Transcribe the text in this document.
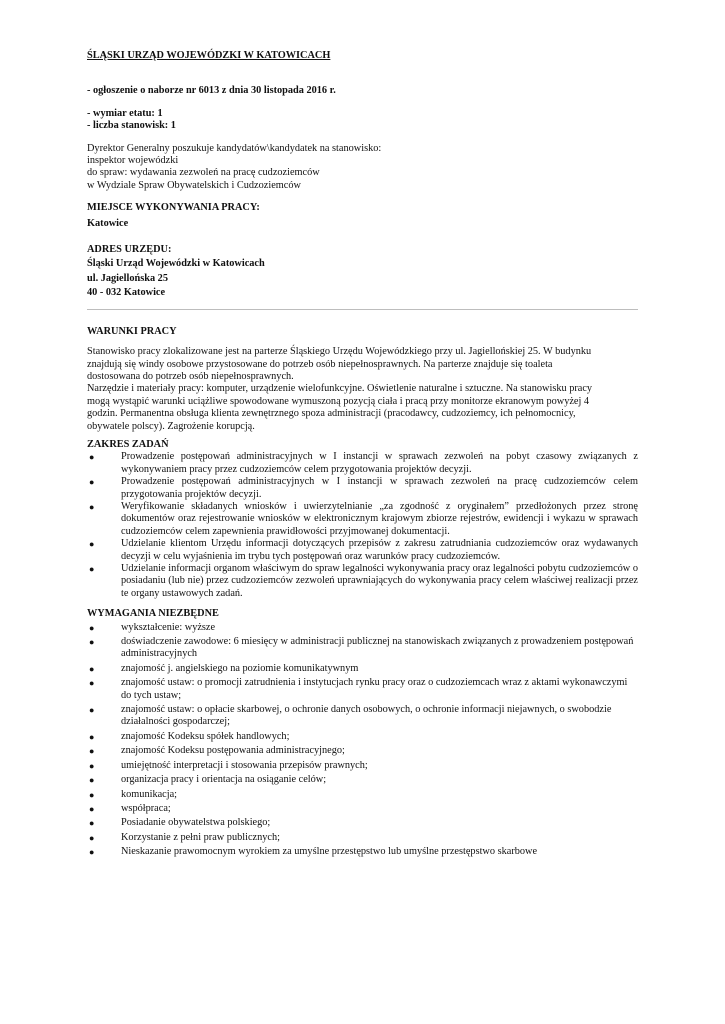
ŚLĄSKI URZĄD WOJEWÓDZKI W KATOWICACH

- ogłoszenie o naborze nr 6013 z dnia 30 listopada 2016 r.

- wymiar etatu: 1

- liczba stanowisk: 1

Dyrektor Generalny poszukuje kandydatów\kandydatek na stanowisko:

inspektor wojewódzki

do spraw: wydawania zezwoleń na pracę cudzoziemców

w Wydziale Spraw Obywatelskich i Cudzoziemców

MIEJSCE WYKONYWANIA PRACY:

Katowice

ADRES URZĘDU:

Śląski Urząd Wojewódzki w Katowicach

ul. Jagiellońska 25

40 - 032 Katowice

WARUNKI PRACY

Stanowisko pracy zlokalizowane jest na parterze Śląskiego Urzędu Wojewódzkiego przy ul. Jagiellońskiej 25. W budynku

znajdują się windy osobowe przystosowane do potrzeb osób niepełnosprawnych. Na parterze znajduje się toaleta

dostosowana do potrzeb osób niepełnosprawnych.

Narzędzie i materiały pracy: komputer, urządzenie wielofunkcyjne. Oświetlenie naturalne i sztuczne. Na stanowisku pracy

mogą wystąpić warunki uciążliwe spowodowane wymuszoną pozycją ciała i pracą przy monitorze ekranowym powyżej 4

godzin. Permanentna obsługa klienta zewnętrznego spoza administracji (pracodawcy, cudzoziemcy, ich pełnomocnicy,

obywatele polscy). Zagrożenie korupcją.

ZAKRES ZADAŃ

●	Prowadzenie postępowań administracyjnych w I instancji w sprawach zezwoleń na pobyt czasowy związanych z wykonywaniem pracy przez cudzoziemców celem przygotowania projektów decyzji.
●	Prowadzenie postępowań administracyjnych w I instancji w sprawach zezwoleń na pracę cudzoziemców celem przygotowania projektów decyzji.
●	Weryfikowanie składanych wniosków i uwierzytelnianie „za zgodność z oryginałem” przedłożonych przez stronę dokumentów oraz rejestrowanie wniosków w elektronicznym krajowym zbiorze rejestrów, ewidencji i wykazu w sprawach cudzoziemców celem zapewnienia prawidłowości przyjmowanej dokumentacji.
●	Udzielanie klientom Urzędu informacji dotyczących przepisów z zakresu zatrudniania cudzoziemców oraz wydawanych decyzji w celu wyjaśnienia im trybu tych postępowań oraz warunków pracy cudzoziemców.
●	Udzielanie informacji organom właściwym do spraw legalności wykonywania pracy oraz legalności pobytu cudzoziemców o posiadaniu (lub nie) przez cudzoziemców zezwoleń uprawniających do wykonywania pracy celem właściwej realizacji przez te organy ustawowych zadań.

WYMAGANIA NIEZBĘDNE

●	wykształcenie: wyższe
●	doświadczenie zawodowe: 6 miesięcy w administracji publicznej na stanowiskach związanych z prowadzeniem postępowań administracyjnych
●	znajomość j. angielskiego na poziomie komunikatywnym
●	znajomość ustaw: o promocji zatrudnienia i instytucjach rynku pracy oraz o cudzoziemcach wraz z aktami wykonawczymi do tych ustaw;
●	znajomość ustaw: o opłacie skarbowej, o ochronie danych osobowych, o ochronie informacji niejawnych, o swobodzie działalności gospodarczej;
●	znajomość Kodeksu spółek handlowych;
●	znajomość Kodeksu postępowania administracyjnego;
●	umiejętność interpretacji i stosowania przepisów prawnych;
●	organizacja pracy i orientacja na osiąganie celów;
●	komunikacja;
●	współpraca;
●	Posiadanie obywatelstwa polskiego;
●	Korzystanie z pełni praw publicznych;
●	Nieskazanie prawomocnym wyrokiem za umyślne przestępstwo lub umyślne przestępstwo skarbowe
